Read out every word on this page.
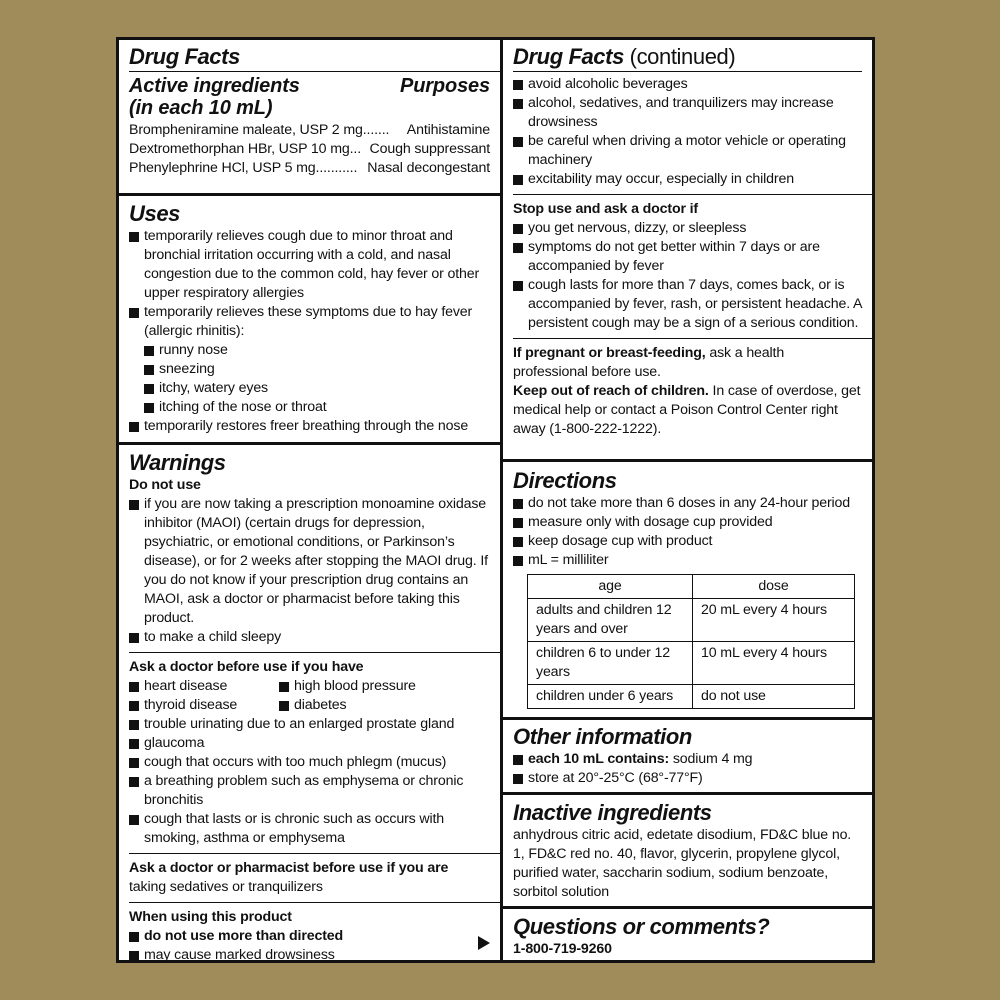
Drug Facts
Active ingredients
(in each 10 mL)
Purposes
Brompheniramine maleate, USP 2 mg....... Antihistamine
Dextromethorphan HBr, USP 10 mg... Cough suppressant
Phenylephrine HCl, USP 5 mg........... Nasal decongestant
Uses
temporarily relieves cough due to minor throat and bronchial irritation occurring with a cold, and nasal congestion due to the common cold, hay fever or other upper respiratory allergies
temporarily relieves these symptoms due to hay fever (allergic rhinitis):
runny nose
sneezing
itchy, watery eyes
itching of the nose or throat
temporarily restores freer breathing through the nose
Warnings
Do not use
if you are now taking a prescription monoamine oxidase inhibitor (MAOI) (certain drugs for depression, psychiatric, or emotional conditions, or Parkinson’s disease), or for 2 weeks after stopping the MAOI drug. If you do not know if your prescription drug contains an MAOI, ask a doctor or pharmacist before taking this product.
to make a child sleepy
Ask a doctor before use if you have
heart disease	high blood pressure
thyroid disease	diabetes
trouble urinating due to an enlarged prostate gland
glaucoma
cough that occurs with too much phlegm (mucus)
a breathing problem such as emphysema or chronic bronchitis
cough that lasts or is chronic such as occurs with smoking, asthma or emphysema
Ask a doctor or pharmacist before use if you are
taking sedatives or tranquilizers
When using this product
do not use more than directed
may cause marked drowsiness
Drug Facts (continued)
avoid alcoholic beverages
alcohol, sedatives, and tranquilizers may increase drowsiness
be careful when driving a motor vehicle or operating machinery
excitability may occur, especially in children
Stop use and ask a doctor if
you get nervous, dizzy, or sleepless
symptoms do not get better within 7 days or are accompanied by fever
cough lasts for more than 7 days, comes back, or is accompanied by fever, rash, or persistent headache. A persistent cough may be a sign of a serious condition.
If pregnant or breast-feeding, ask a health professional before use.
Keep out of reach of children. In case of overdose, get medical help or contact a Poison Control Center right away (1-800-222-1222).
Directions
do not take more than 6 doses in any 24-hour period
measure only with dosage cup provided
keep dosage cup with product
mL = milliliter
age	dose
adults and children 12 years and over	20 mL every 4 hours
children 6 to under 12 years	10 mL every 4 hours
children under 6 years	do not use
Other information
each 10 mL contains: sodium 4 mg
store at 20°-25°C (68°-77°F)
Inactive ingredients
anhydrous citric acid, edetate disodium, FD&C blue no. 1, FD&C red no. 40, flavor, glycerin, propylene glycol, purified water, saccharin sodium, sodium benzoate, sorbitol solution
Questions or comments?
1-800-719-9260
